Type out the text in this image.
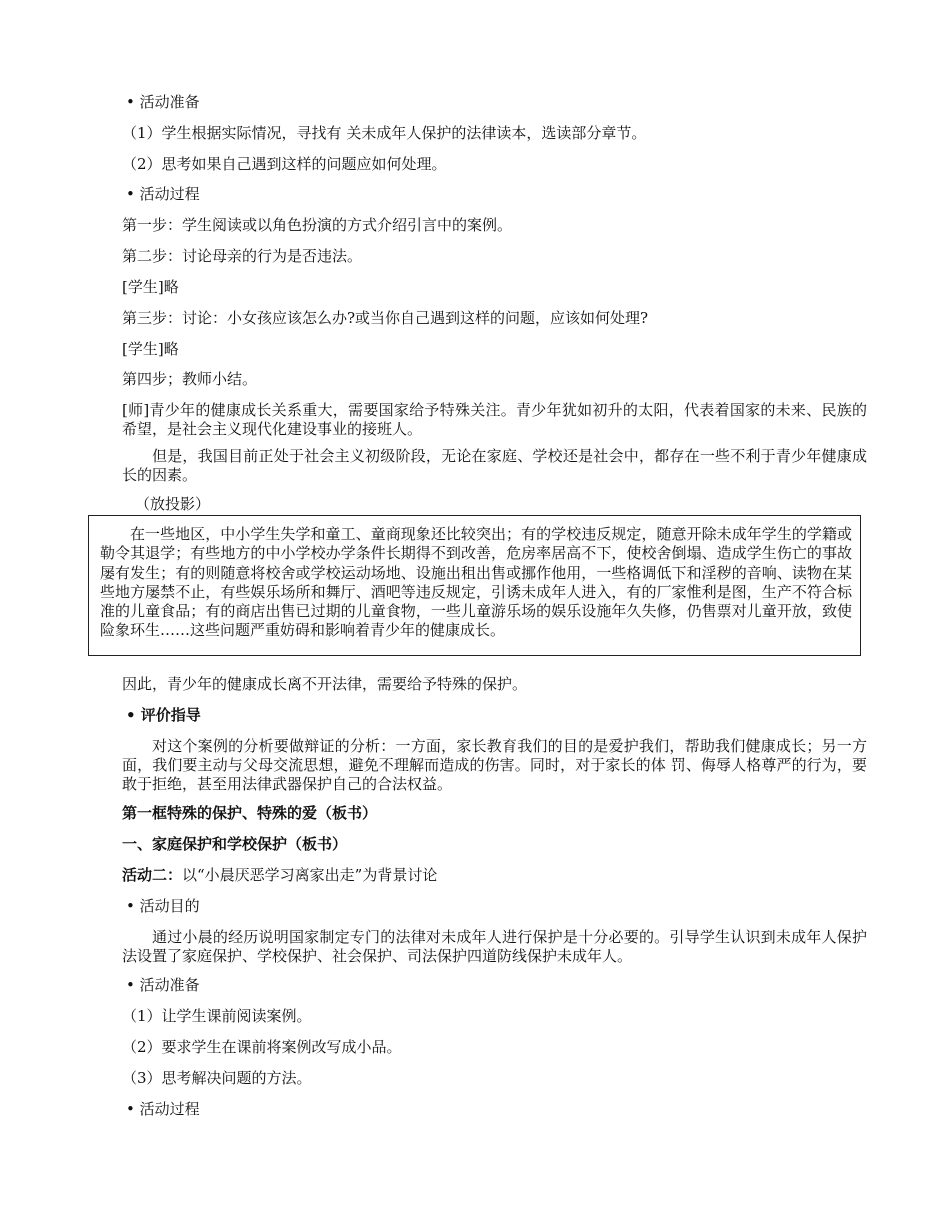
• 活动准备
（1）学生根据实际情况，寻找有 关未成年人保护的法律读本，选读部分章节。
（2）思考如果自己遇到这样的问题应如何处理。
• 活动过程
第一步：学生阅读或以角色扮演的方式介绍引言中的案例。
第二步：讨论母亲的行为是否违法。
[学生]略
第三步：讨论：小女孩应该怎么办?或当你自己遇到这样的问题，应该如何处理?
[学生]略
第四步；教师小结。
[师]青少年的健康成长关系重大，需要国家给予特殊关注。青少年犹如初升的太阳，代表着国家的未来、民族的希望，是社会主义现代化建设事业的接班人。
但是，我国目前正处于社会主义初级阶段，无论在家庭、学校还是社会中，都存在一些不利于青少年健康成长的因素。
（放投影）
在一些地区，中小学生失学和童工、童商现象还比较突出；有的学校违反规定，随意开除未成年学生的学籍或勒令其退学；有些地方的中小学校办学条件长期得不到改善，危房率居高不下，使校舍倒塌、造成学生伤亡的事故屡有发生；有的则随意将校舍或学校运动场地、设施出租出售或挪作他用，一些格调低下和淫秽的音响、读物在某些地方屡禁不止，有些娱乐场所和舞厅、酒吧等违反规定，引诱未成年人进入，有的厂家惟利是图，生产不符合标准的儿童食品；有的商店出售已过期的儿童食物，一些儿童游乐场的娱乐设施年久失修，仍售票对儿童开放，致使险象环生……这些问题严重妨碍和影响着青少年的健康成长。
因此，青少年的健康成长离不开法律，需要给予特殊的保护。
• 评价指导
对这个案例的分析要做辩证的分析：一方面，家长教育我们的目的是爱护我们，帮助我们健康成长；另一方面，我们要主动与父母交流思想，避免不理解而造成的伤害。同时，对于家长的体 罚、侮辱人格尊严的行为，要敢于拒绝，甚至用法律武器保护自己的合法权益。
第一框特殊的保护、特殊的爱（板书）
一、家庭保护和学校保护（板书）
活动二：以“小晨厌恶学习离家出走”为背景讨论
• 活动目的
通过小晨的经历说明国家制定专门的法律对未成年人进行保护是十分必要的。引导学生认识到未成年人保护法设置了家庭保护、学校保护、社会保护、司法保护四道防线保护未成年人。
• 活动准备
（1）让学生课前阅读案例。
（2）要求学生在课前将案例改写成小品。
（3）思考解决问题的方法。
• 活动过程
